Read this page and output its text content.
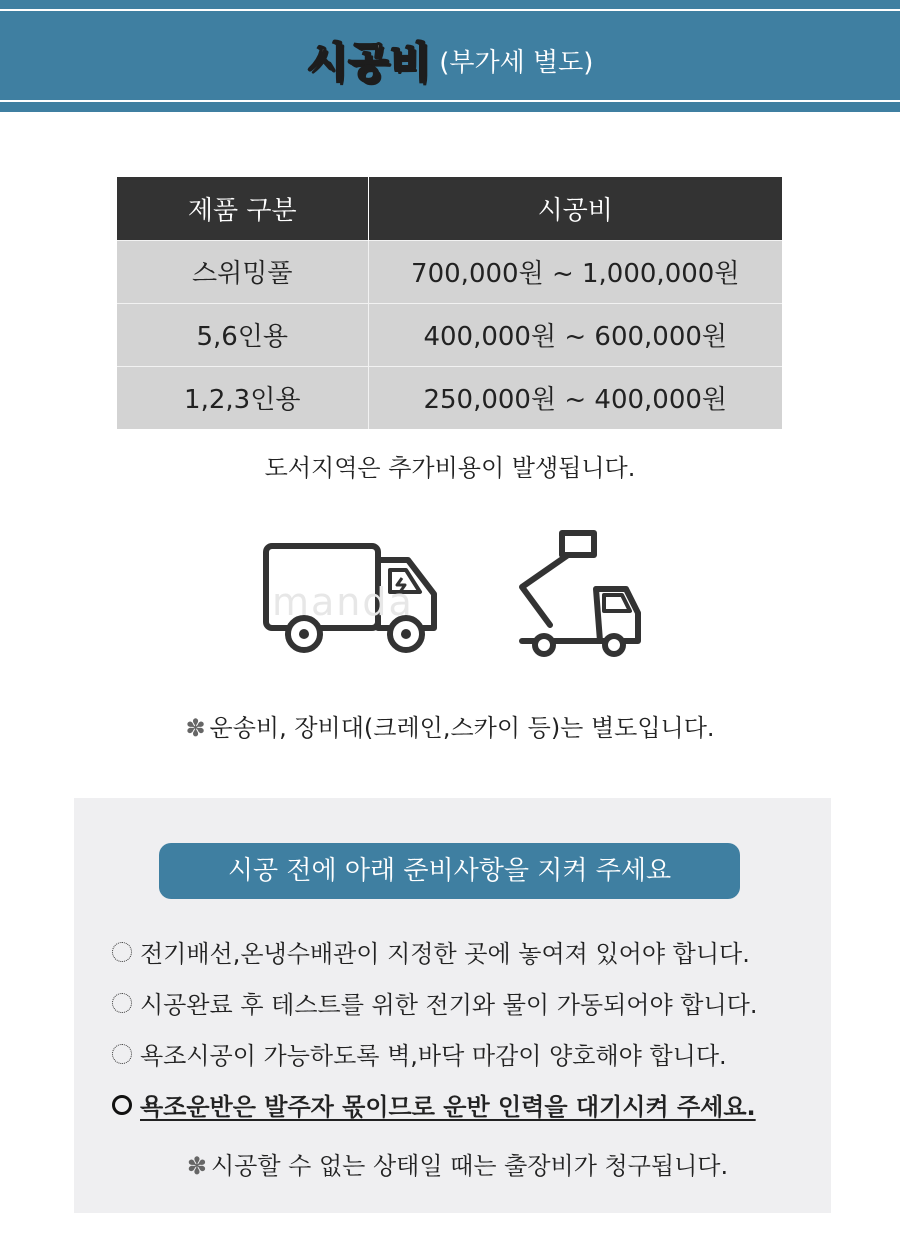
시공비 (부가세 별도)
제품 구분	시공비
스위밍풀	700,000원 ~ 1,000,000원
5,6인용	400,000원 ~ 600,000원
1,2,3인용	250,000원 ~ 400,000원
도서지역은 추가비용이 발생됩니다.
manda
✽ 운송비, 장비대(크레인,스카이 등)는 별도입니다.
시공 전에 아래 준비사항을 지켜 주세요
전기배선,온냉수배관이 지정한 곳에 놓여져 있어야 합니다.
시공완료 후 테스트를 위한 전기와 물이 가동되어야 합니다.
욕조시공이 가능하도록 벽,바닥 마감이 양호해야 합니다.
욕조운반은 발주자 몫이므로 운반 인력을 대기시켜 주세요.
✽ 시공할 수 없는 상태일 때는 출장비가 청구됩니다.
